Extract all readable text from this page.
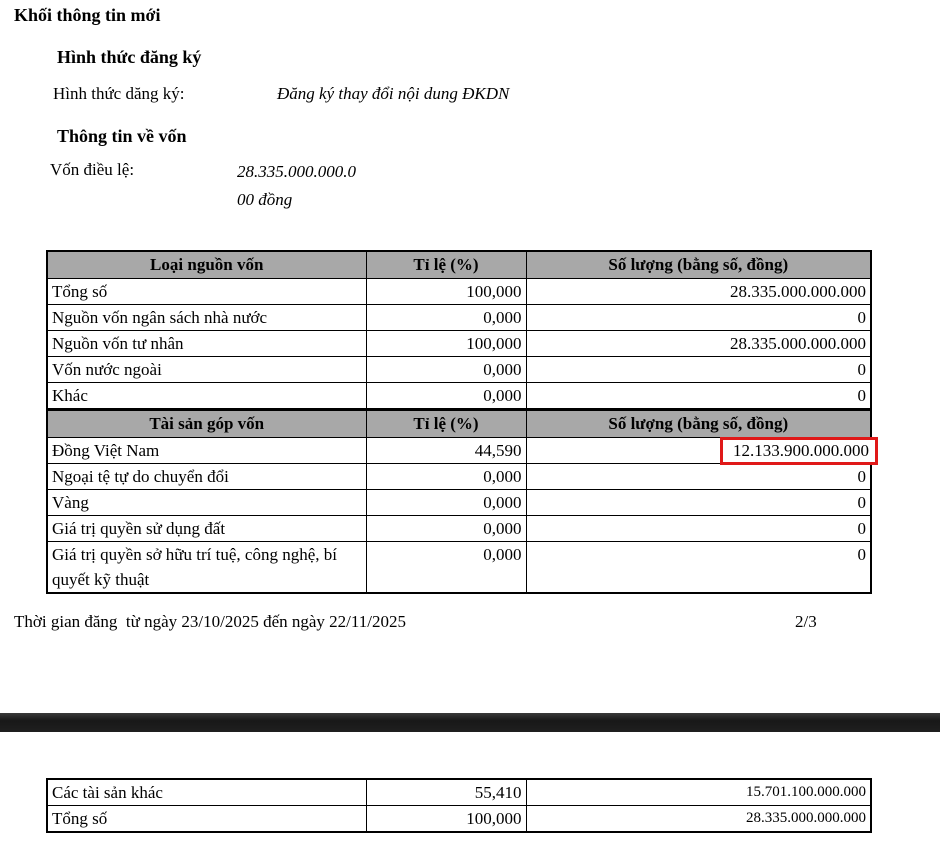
Khối thông tin mới
Hình thức đăng ký
Hình thức dăng ký:	Đăng ký thay đổi nội dung ĐKDN
Thông tin về vốn
Vốn điều lệ:	28.335.000.000.0
00 đồng
Loại nguồn vốn	Tỉ lệ (%)	Số lượng (bằng số, đồng)
Tổng số	100,000	28.335.000.000.000
Nguồn vốn ngân sách nhà nước	0,000	0
Nguồn vốn tư nhân	100,000	28.335.000.000.000
Vốn nước ngoài	0,000	0
Khác	0,000	0
Tài sản góp vốn	Tỉ lệ (%)	Số lượng (bằng số, đồng)
Đồng Việt Nam	44,590	12.133.900.000.000
Ngoại tệ tự do chuyển đổi	0,000	0
Vàng	0,000	0
Giá trị quyền sử dụng đất	0,000	0
Giá trị quyền sở hữu trí tuệ, công nghệ, bí quyết kỹ thuật	0,000	0
Thời gian đăng  từ ngày 23/10/2025 đến ngày 22/11/2025	2/3
Các tài sản khác	55,410	15.701.100.000.000
Tổng số	100,000	28.335.000.000.000
